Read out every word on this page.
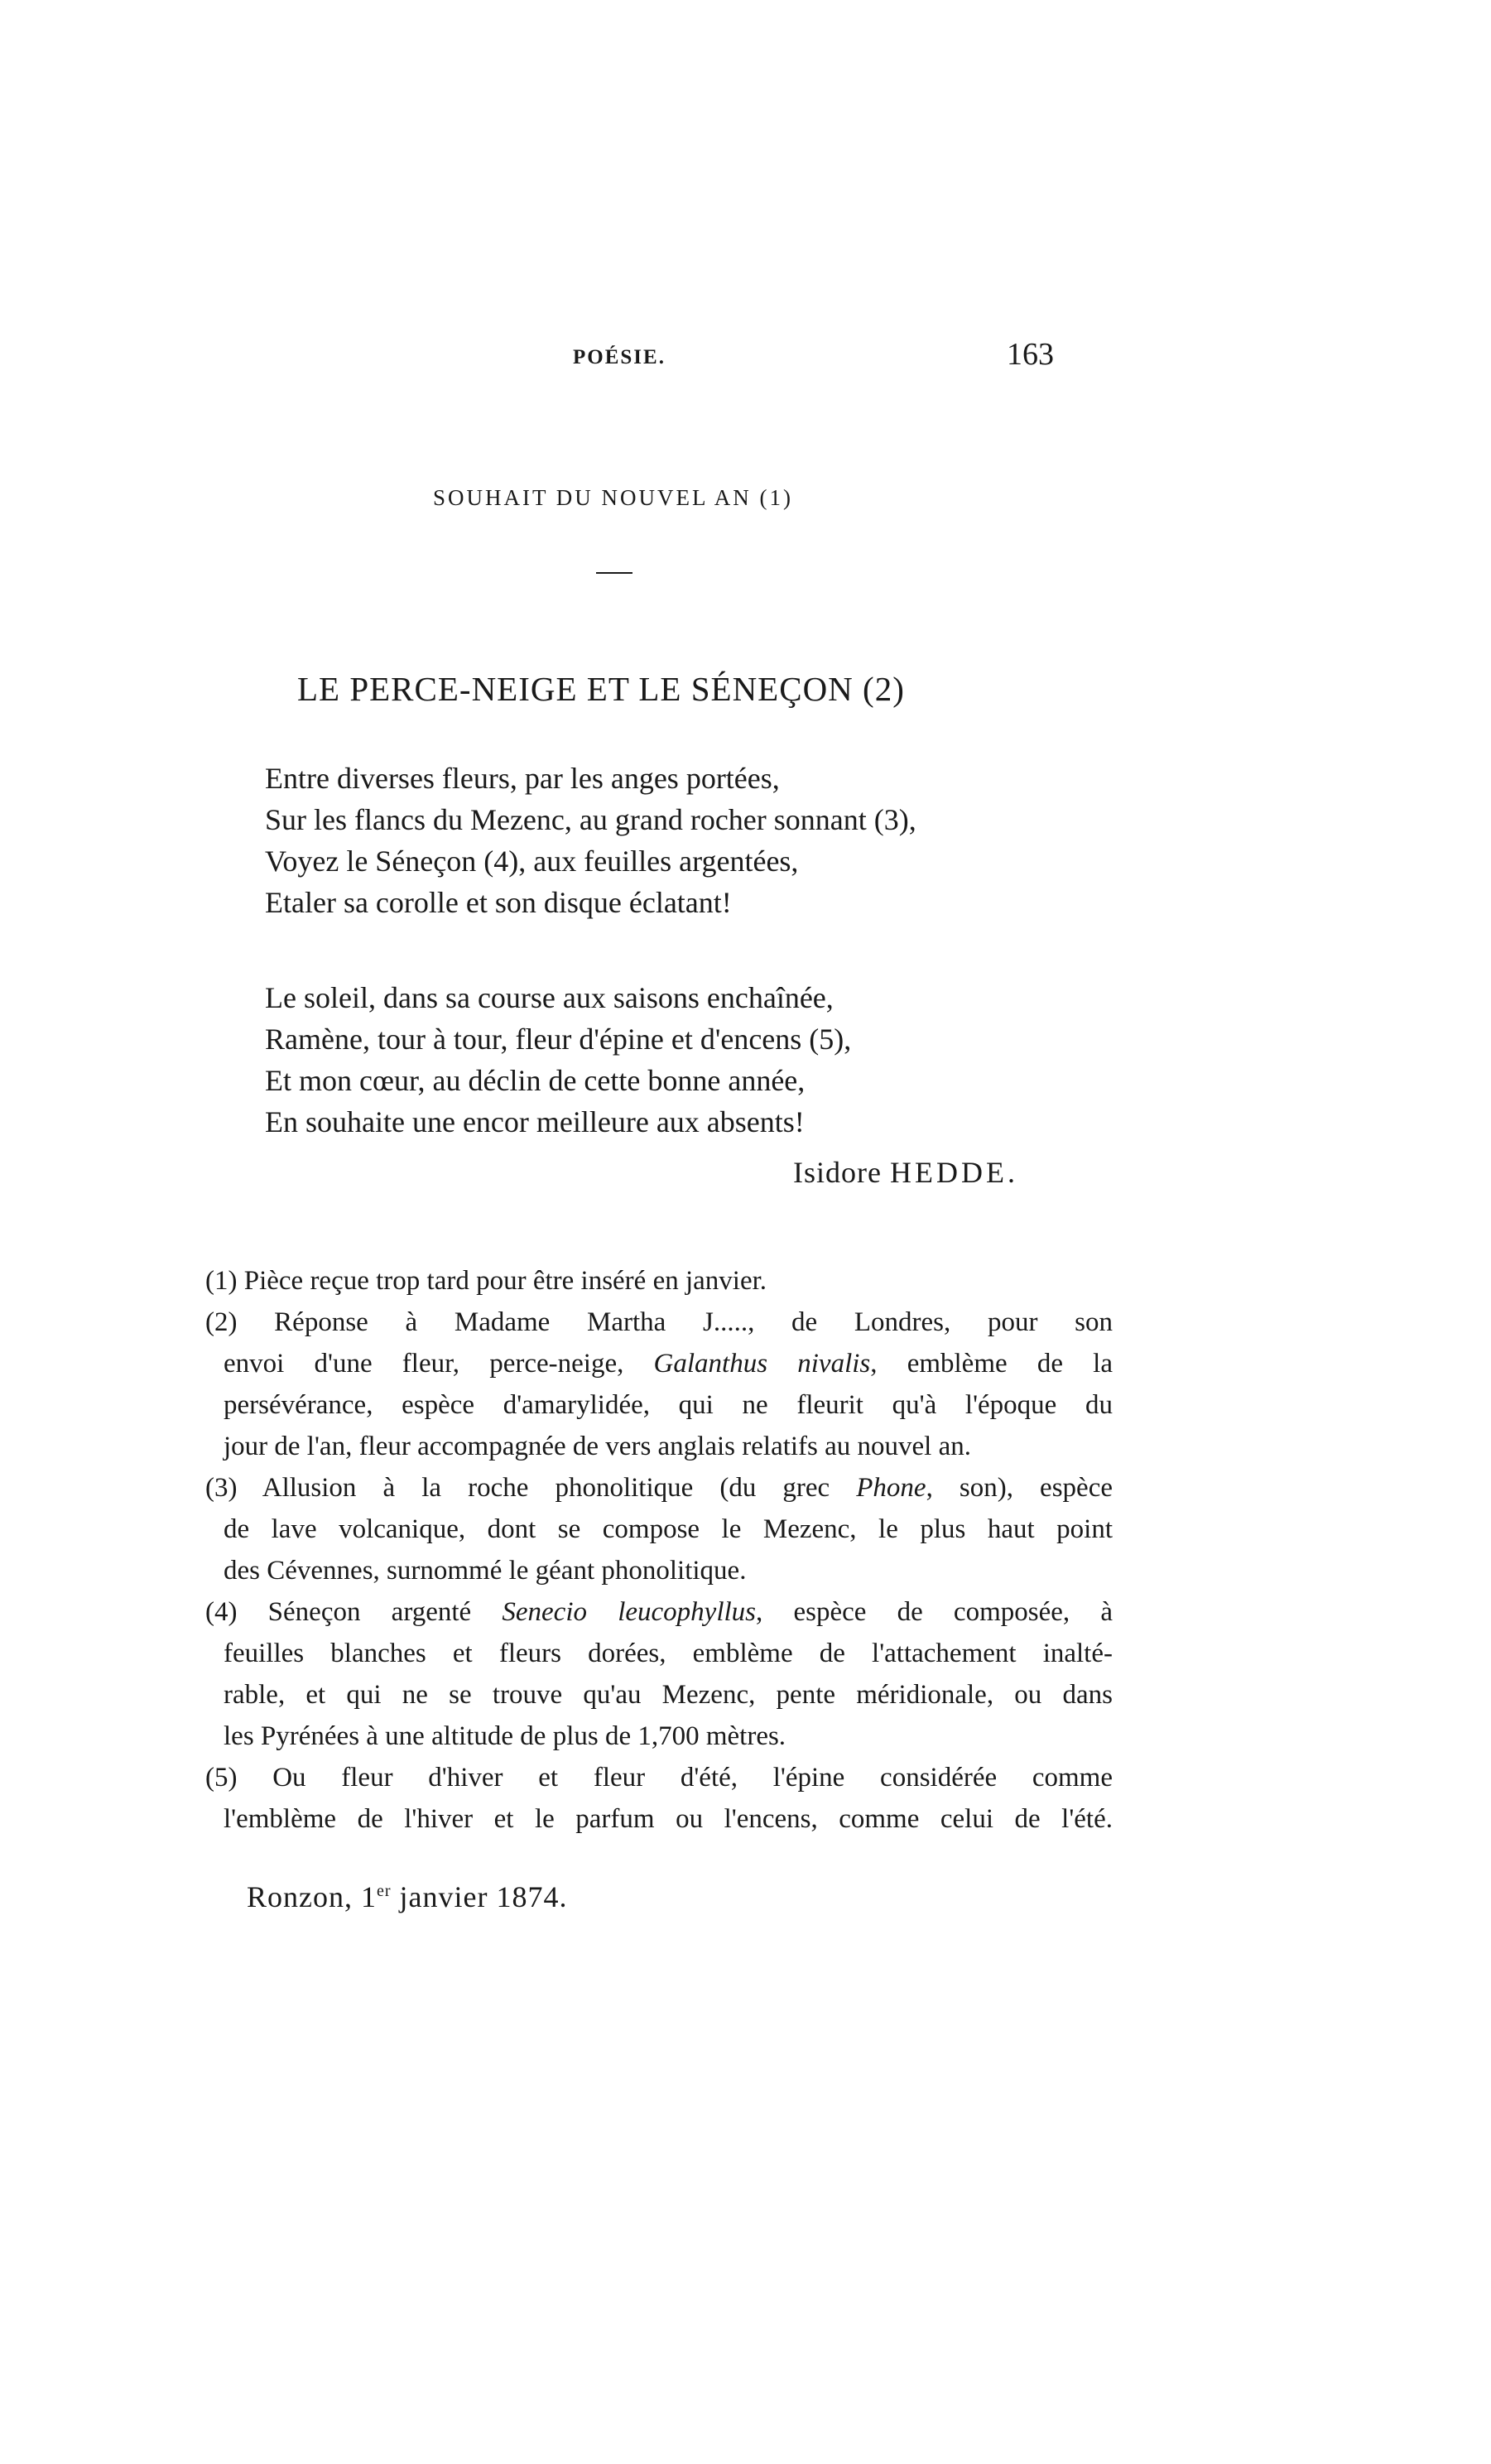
POÉSIE.	163
SOUHAIT DU NOUVEL AN (1)
LE PERCE-NEIGE ET LE SÉNEÇON (2)
Entre diverses fleurs, par les anges portées,
Sur les flancs du Mezenc, au grand rocher sonnant (3),
Voyez le Séneçon (4), aux feuilles argentées,
Etaler sa corolle et son disque éclatant!
Le soleil, dans sa course aux saisons enchaînée,
Ramène, tour à tour, fleur d'épine et d'encens (5),
Et mon cœur, au déclin de cette bonne année,
En souhaite une encor meilleure aux absents!
Isidore HEDDE.
(1) Pièce reçue trop tard pour être inséré en janvier.
(2) Réponse à Madame Martha J....., de Londres, pour son
envoi d'une fleur, perce-neige, Galanthus nivalis, emblème de la
persévérance, espèce d'amarylidée, qui ne fleurit qu'à l'époque du
jour de l'an, fleur accompagnée de vers anglais relatifs au nouvel an.
(3) Allusion à la roche phonolitique (du grec Phone, son), espèce
de lave volcanique, dont se compose le Mezenc, le plus haut point
des Cévennes, surnommé le géant phonolitique.
(4) Séneçon argenté Senecio leucophyllus, espèce de composée, à
feuilles blanches et fleurs dorées, emblème de l'attachement inalté-
rable, et qui ne se trouve qu'au Mezenc, pente méridionale, ou dans
les Pyrénées à une altitude de plus de 1,700 mètres.
(5) Ou fleur d'hiver et fleur d'été, l'épine considérée comme
l'emblème de l'hiver et le parfum ou l'encens, comme celui de l'été.
Ronzon, 1er janvier 1874.
